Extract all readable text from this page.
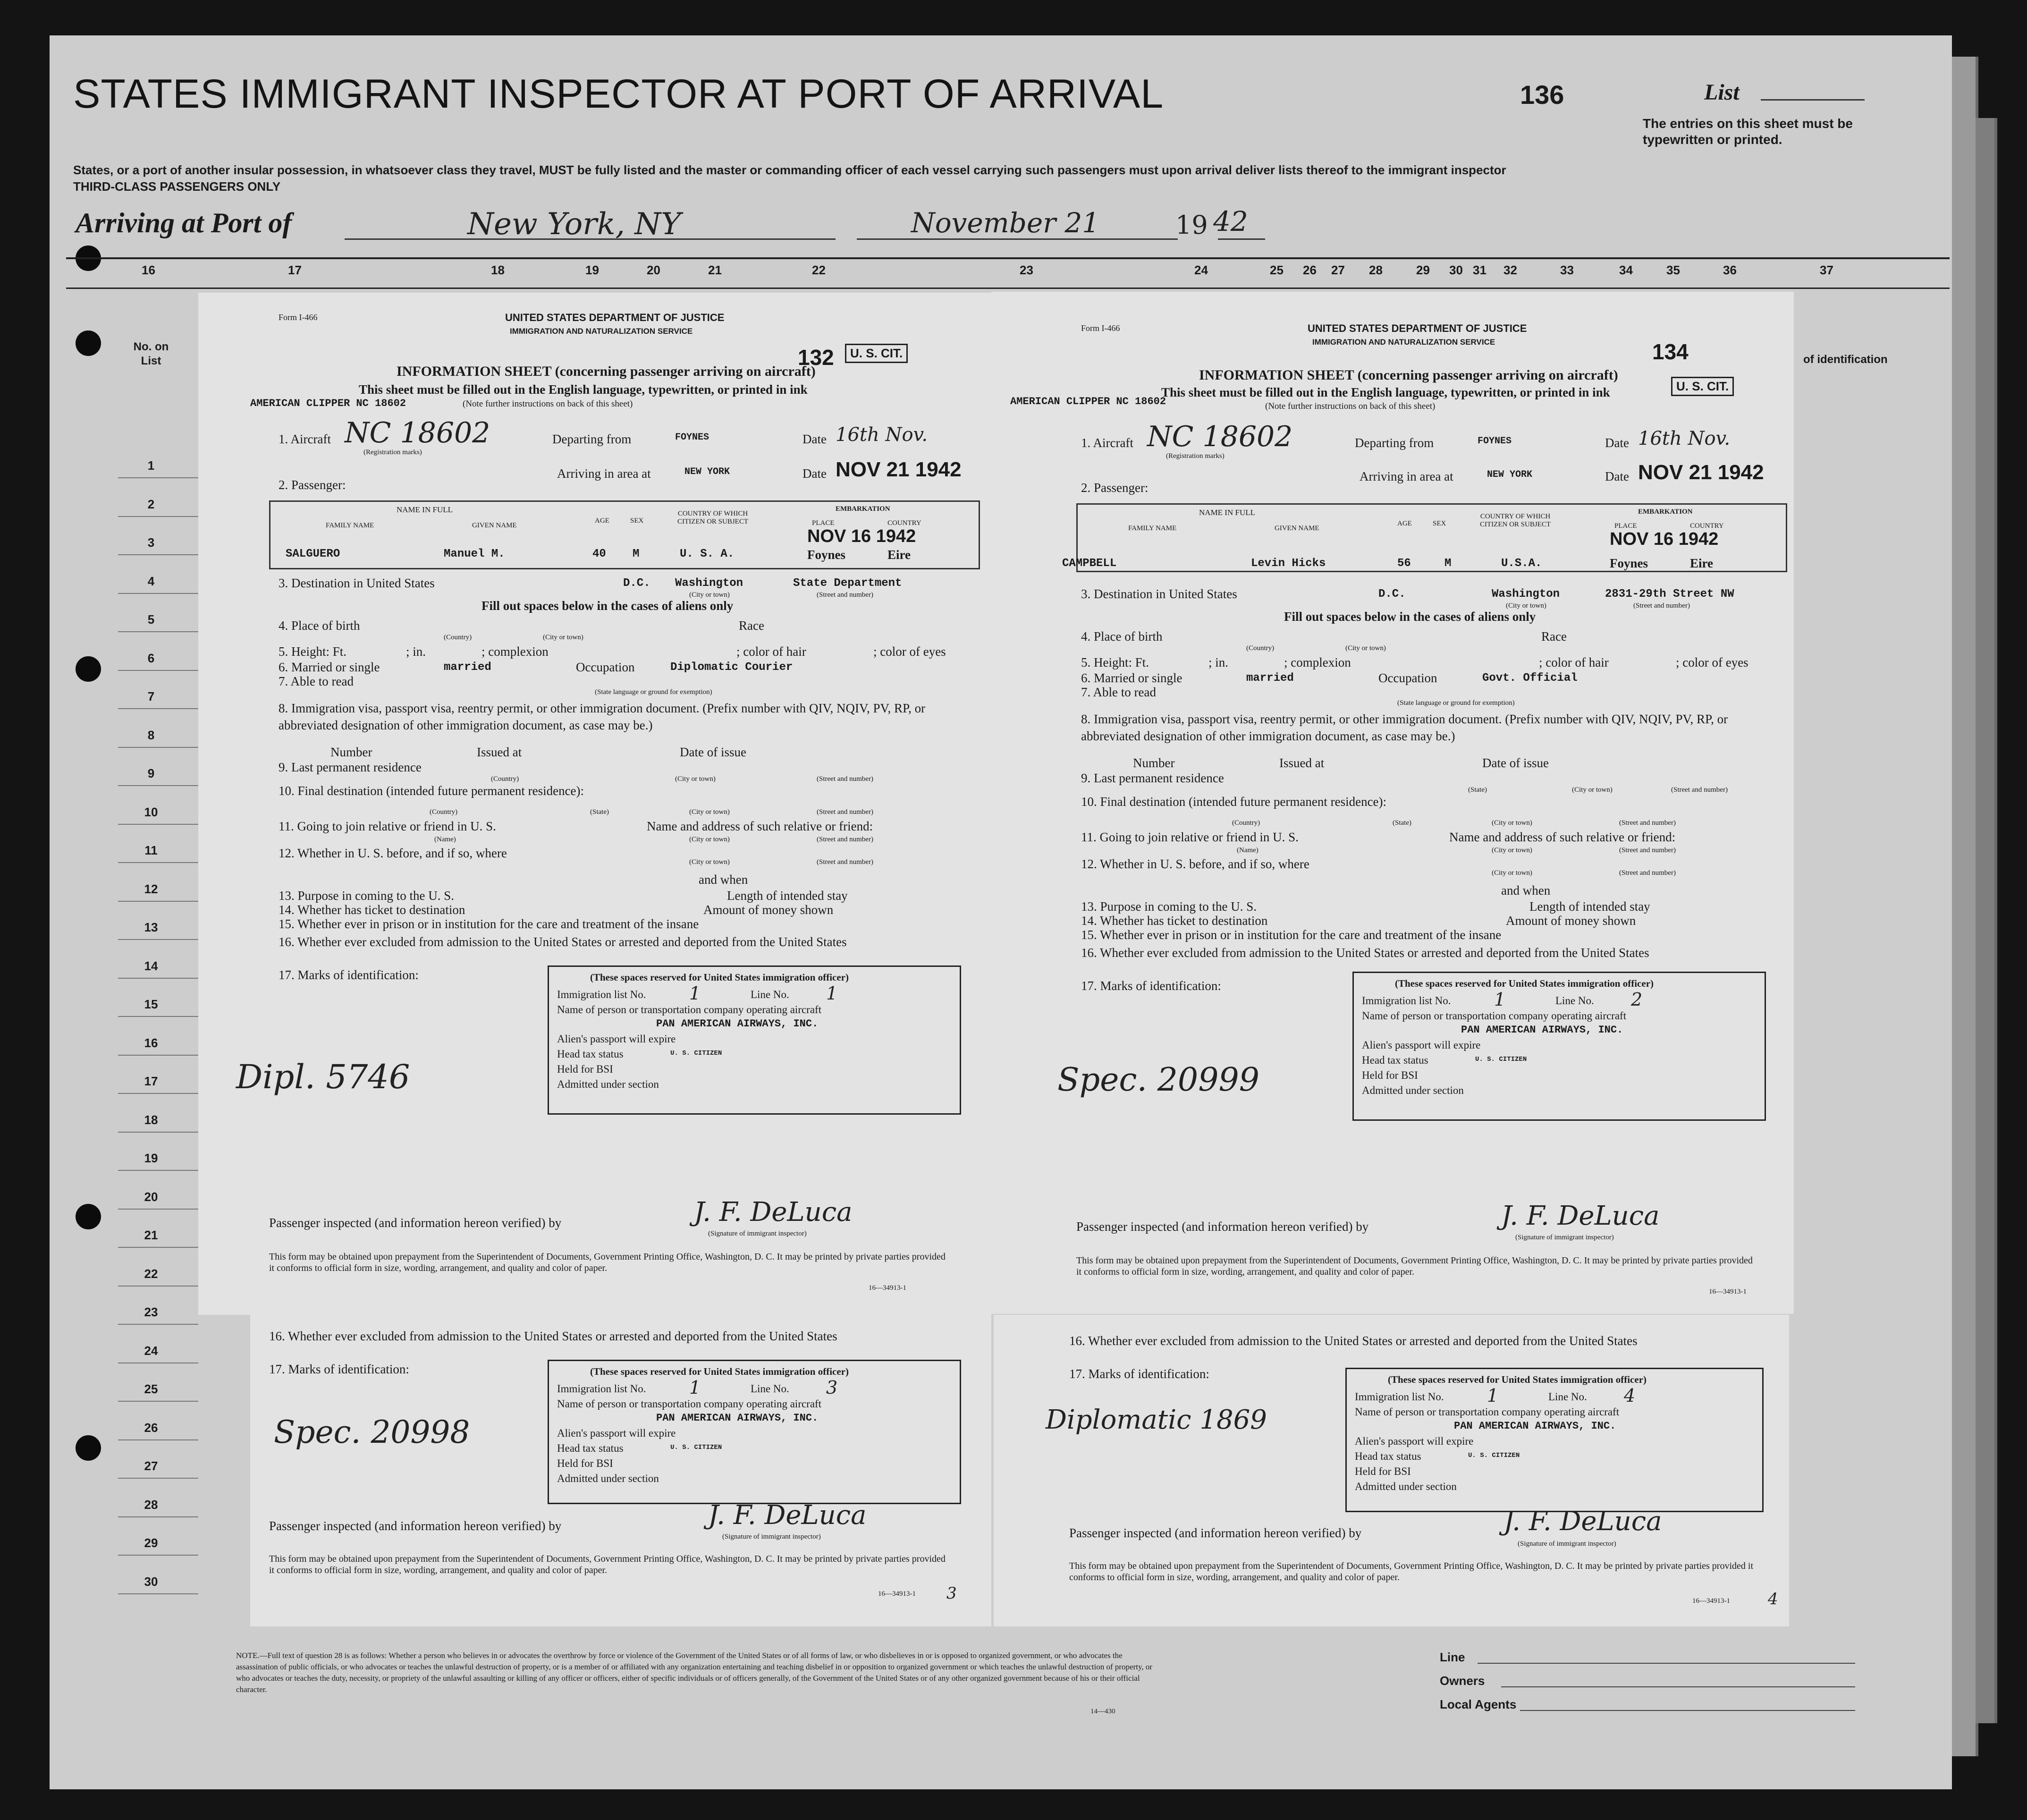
STATES IMMIGRANT INSPECTOR AT PORT OF ARRIVAL	136	List
The entries on this sheet must be typewritten or printed.
States, or a port of another insular possession, in whatsoever class they travel, MUST be fully listed and the master or commanding officer of each vessel carrying such passengers must upon arrival deliver lists thereof to the immigrant inspector
THIRD-CLASS PASSENGERS ONLY
Arriving at Port of	New York, NY	November 21	19 42
16	17	18	19	20	21	22	23	24	25 26 27 28	29 30 31 32	33	34	35	36	37
No. on List	of identification
1
2
3
4
5
6
7
8
9
10
11
12
13
14
15
16
17
18
19
20
21
22
23
24
25
26
27
28
29
30
Form I-466	UNITED STATES DEPARTMENT OF JUSTICE
IMMIGRATION AND NATURALIZATION SERVICE
132	U. S. CIT.
INFORMATION SHEET (concerning passenger arriving on aircraft)
This sheet must be filled out in the English language, typewritten, or printed in ink
(Note further instructions on back of this sheet)
AMERICAN CLIPPER NC 18602
1. Aircraft NC 18602
(Registration marks)
Departing from	FOYNES	Date 16th Nov.
Arriving in area at	NEW YORK	Date NOV 21 1942
2. Passenger:
NAME IN FULL
FAMILY NAME	GIVEN NAME
AGE	SEX
COUNTRY OF WHICH CITIZEN OR SUBJECT
EMBARKATION
PLACE	COUNTRY
SALGUERO	Manuel M.	40 M	U. S. A.
NOV 16 1942
Foynes	Eire
3. Destination in United States	D.C. Washington	State Department
(City or town)	(Street and number)
Fill out spaces below in the cases of aliens only
4. Place of birth	Race
(Country)	(City or town)
5. Height: Ft.	; in.	; complexion	; color of hair	; color of eyes
6. Married or single	married	Occupation	Diplomatic Courier
7. Able to read
(State language or ground for exemption)
8. Immigration visa, passport visa, reentry permit, or other immigration document. (Prefix number with QIV, NQIV, PV, RP, or abbreviated designation of other immigration document, as case may be.)
Number	Issued at	Date of issue
9. Last permanent residence
(Country)	(City or town)	(Street and number)
10. Final destination (intended future permanent residence):
(Country)	(State)	(City or town)	(Street and number)
11. Going to join relative or friend in U. S.	Name and address of such relative or friend:
(Name)	(City or town)	(Street and number)
12. Whether in U. S. before, and if so, where
(City or town)	(Street and number)
and when
13. Purpose in coming to the U. S.	Length of intended stay
14. Whether has ticket to destination	Amount of money shown
15. Whether ever in prison or in institution for the care and treatment of the insane
16. Whether ever excluded from admission to the United States or arrested and deported from the United States
17. Marks of identification:
Dipl. 5746
(These spaces reserved for United States immigration officer)
Immigration list No. 1	Line No. 1
Name of person or transportation company operating aircraft
PAN AMERICAN AIRWAYS, INC.
Alien's passport will expire
Head tax status	U. S. CITIZEN
Held for BSI
Admitted under section
Passenger inspected (and information hereon verified) by	J. F. DeLuca
(Signature of immigrant inspector)
This form may be obtained upon prepayment from the Superintendent of Documents, Government Printing Office, Washington, D. C. It may be printed by private parties provided it conforms to official form in size, wording, arrangement, and quality and color of paper.
16—34913-1
Form I-466	UNITED STATES DEPARTMENT OF JUSTICE
IMMIGRATION AND NATURALIZATION SERVICE	134
U. S. CIT.
INFORMATION SHEET (concerning passenger arriving on aircraft)
This sheet must be filled out in the English language, typewritten, or printed in ink
(Note further instructions on back of this sheet)
AMERICAN CLIPPER NC 18602
1. Aircraft NC 18602
(Registration marks)
Departing from	FOYNES	Date 16th Nov.
Arriving in area at	NEW YORK	Date NOV 21 1942
2. Passenger:
NAME IN FULL
FAMILY NAME	GIVEN NAME
AGE	SEX
COUNTRY OF WHICH CITIZEN OR SUBJECT
EMBARKATION
PLACE	COUNTRY
CAMPBELL	Levin Hicks	56	M	U.S.A.
NOV 16 1942
Foynes	Eire
3. Destination in United States	D.C.	Washington	2831-29th Street NW
(City or town)	(Street and number)
Fill out spaces below in the cases of aliens only
4. Place of birth	Race
(Country)	(City or town)
5. Height: Ft.	; in.	; complexion	; color of hair	; color of eyes
6. Married or single	married	Occupation	Govt. Official
7. Able to read
(State language or ground for exemption)
8. Immigration visa, passport visa, reentry permit, or other immigration document. (Prefix number with QIV, NQIV, PV, RP, or abbreviated designation of other immigration document, as case may be.)
Number	Issued at	Date of issue
9. Last permanent residence
(State)	(City or town)	(Street and number)
10. Final destination (intended future permanent residence):
(Country)	(State)	(City or town)	(Street and number)
11. Going to join relative or friend in U. S.	Name and address of such relative or friend:
(Name)	(City or town)	(Street and number)
12. Whether in U. S. before, and if so, where
(City or town)	(Street and number)
and when
13. Purpose in coming to the U. S.	Length of intended stay
14. Whether has ticket to destination	Amount of money shown
15. Whether ever in prison or in institution for the care and treatment of the insane
16. Whether ever excluded from admission to the United States or arrested and deported from the United States
17. Marks of identification:
Spec. 20999
(These spaces reserved for United States immigration officer)
Immigration list No. 1	Line No. 2
Name of person or transportation company operating aircraft
PAN AMERICAN AIRWAYS, INC.
Alien's passport will expire
Head tax status	U. S. CITIZEN
Held for BSI
Admitted under section
Passenger inspected (and information hereon verified) by	J. F. DeLuca
(Signature of immigrant inspector)
This form may be obtained upon prepayment from the Superintendent of Documents, Government Printing Office, Washington, D. C. It may be printed by private parties provided it conforms to official form in size, wording, arrangement, and quality and color of paper.
16—34913-1
16. Whether ever excluded from admission to the United States or arrested and deported from the United States
17. Marks of identification:
Spec. 20998
(These spaces reserved for United States immigration officer)
Immigration list No. 1	Line No. 3
Name of person or transportation company operating aircraft
PAN AMERICAN AIRWAYS, INC.
Alien's passport will expire
Head tax status	U. S. CITIZEN
Held for BSI
Admitted under section
Passenger inspected (and information hereon verified) by	J. F. DeLuca
(Signature of immigrant inspector)
This form may be obtained upon prepayment from the Superintendent of Documents, Government Printing Office, Washington, D. C. It may be printed by private parties provided it conforms to official form in size, wording, arrangement, and quality and color of paper.
16—34913-1 3
16. Whether ever excluded from admission to the United States or arrested and deported from the United States
17. Marks of identification:
Diplomatic 1869
(These spaces reserved for United States immigration officer)
Immigration list No. 1	Line No. 4
Name of person or transportation company operating aircraft
PAN AMERICAN AIRWAYS, INC.
Alien's passport will expire
Head tax status	U. S. CITIZEN
Held for BSI
Admitted under section
Passenger inspected (and information hereon verified) by	J. F. DeLuca
(Signature of immigrant inspector)
This form may be obtained upon prepayment from the Superintendent of Documents, Government Printing Office, Washington, D. C. It may be printed by private parties provided it conforms to official form in size, wording, arrangement, and quality and color of paper.
16—34913-1 4
NOTE.—Full text of question 28 is as follows: Whether a person who believes in or advocates the overthrow by force or violence of the Government of the United States or of all forms of law, or who disbelieves in or is opposed to organized government, or who advocates the assassination of public officials, or who advocates or teaches the unlawful destruction of property, or is a member of or affiliated with any organization entertaining and teaching disbelief in or opposition to organized government or which teaches the unlawful destruction of property, or who advocates or teaches the duty, necessity, or propriety of the unlawful assaulting or killing of any officer or officers, either of specific individuals or of officers generally, of the Government of the United States or of any other organized government because of his or their official character.
14—430
Line
Owners
Local Agents
